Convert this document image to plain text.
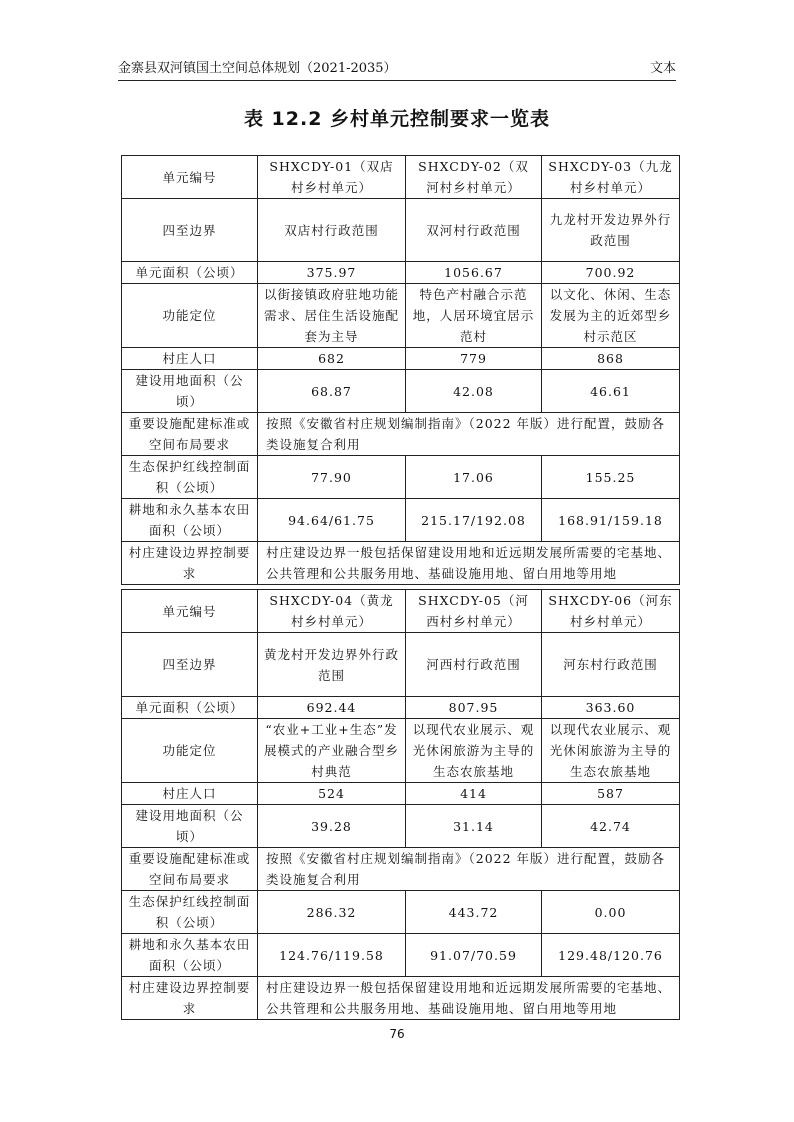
金寨县双河镇国土空间总体规划（2021-2035）	文本
表 12.2 乡村单元控制要求一览表
单元编号	SHXCDY-01（双店村乡村单元）	SHXCDY-02（双河村乡村单元）	SHXCDY-03（九龙村乡村单元）
四至边界	双店村行政范围	双河村行政范围	九龙村开发边界外行政范围
单元面积（公顷）	375.97	1056.67	700.92
功能定位	以街接镇政府驻地功能需求、居住生活设施配套为主导	特色产村融合示范地，人居环境宜居示范村	以文化、休闲、生态发展为主的近郊型乡村示范区
村庄人口	682	779	868
建设用地面积（公顷）	68.87	42.08	46.61
重要设施配建标准或空间布局要求	按照《安徽省村庄规划编制指南》（2022 年版）进行配置，鼓励各类设施复合利用		
生态保护红线控制面积（公顷）	77.90	17.06	155.25
耕地和永久基本农田面积（公顷）	94.64/61.75	215.17/192.08	168.91/159.18
村庄建设边界控制要求	村庄建设边界一般包括保留建设用地和近远期发展所需要的宅基地、公共管理和公共服务用地、基础设施用地、留白用地等用地		
单元编号	SHXCDY-04（黄龙村乡村单元）	SHXCDY-05（河西村乡村单元）	SHXCDY-06（河东村乡村单元）
四至边界	黄龙村开发边界外行政范围	河西村行政范围	河东村行政范围
单元面积（公顷）	692.44	807.95	363.60
功能定位	“农业+工业+生态”发展模式的产业融合型乡村典范	以现代农业展示、观光休闲旅游为主导的生态农旅基地	以现代农业展示、观光休闲旅游为主导的生态农旅基地
村庄人口	524	414	587
建设用地面积（公顷）	39.28	31.14	42.74
重要设施配建标准或空间布局要求	按照《安徽省村庄规划编制指南》（2022 年版）进行配置，鼓励各类设施复合利用		
生态保护红线控制面积（公顷）	286.32	443.72	0.00
耕地和永久基本农田面积（公顷）	124.76/119.58	91.07/70.59	129.48/120.76
村庄建设边界控制要求	村庄建设边界一般包括保留建设用地和近远期发展所需要的宅基地、公共管理和公共服务用地、基础设施用地、留白用地等用地		
76
